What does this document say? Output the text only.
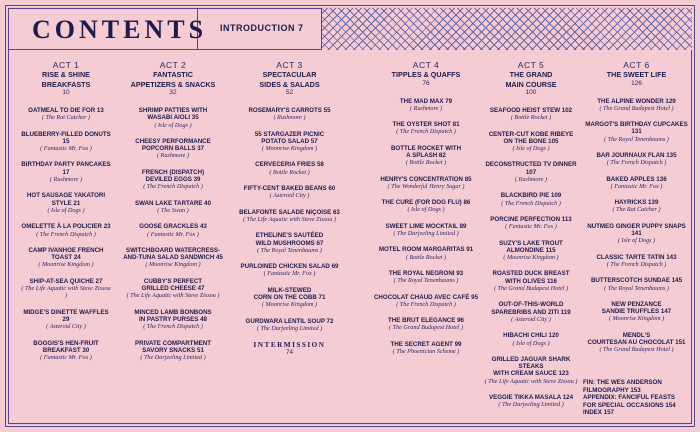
CONTENTS INTRODUCTION 7
ACT 1
RISE & SHINE
BREAKFASTS
10
OATMEAL TO DIE FOR 13
( The Rat Catcher )
BLUEBERRY-FILLED DONUTS 15
( Fantastic Mr. Fox )
BIRTHDAY PARTY PANCAKES 17
( Rushmore )
HOT SAUSAGE YAKATORI STYLE 21
( Isle of Dogs )
OMELETTE À LA POLICIER 23
( The French Dispatch )
CAMP IVANHOE FRENCH TOAST 24
( Moonrise Kingdom )
SHIP-AT-SEA QUICHE 27
( The Life Aquatic with Steve Zissou )
MIDGE'S DINETTE WAFFLES 29
( Asteroid City )
BOGGIS'S HEN-FRUIT BREAKFAST 30
( Fantastic Mr. Fox )
ACT 2
FANTASTIC
APPETIZERS & SNACKS
32
SHRIMP PATTIES WITH
WASABI AIOLI 35
( Isle of Dogs )
CHEESY PERFORMANCE
POPCORN BALLS 37
( Rushmore )
FRENCH (DISPATCH)
DEVILED EGGS 39
( The French Dispatch )
SWAN LAKE TARTARE 40
( The Swan )
GOOSE GRACKLES 43
( Fantastic Mr. Fox )
SWITCHBOARD WATERCRESS-
AND-TUNA SALAD SANDWICH 45
( Moonrise Kingdom )
CUBBY'S PERFECT
GRILLED CHEESE 47
( The Life Aquatic with Steve Zissou )
MINCED LAMB BONBONS
IN PASTRY PURSES 48
( The French Dispatch )
PRIVATE COMPARTMENT
SAVORY SNACKS 51
( The Darjeeling Limited )
ACT 3
SPECTACULAR
SIDES & SALADS
52
ROSEMARY'S CARROTS 55
( Rushmore )
55 STARGAZER PICNIC
POTATO SALAD 57
( Moonrise Kingdom )
CERVECERIA FRIES 58
( Bottle Rocket )
FIFTY-CENT BAKED BEANS 60
( Asteroid City )
BELAFONTE SALADE NIÇOISE 63
( The Life Aquatic with Steve Zissou )
ETHELINE'S SAUTÉED
WILD MUSHROOMS 67
( The Royal Tenenbaums )
PURLOINED CHICKEN SALAD 69
( Fantastic Mr. Fox )
MILK-STEWED
CORN ON THE COBB 71
( Moonrise Kingdom )
GURDWARA LENTIL SOUP 72
( The Darjeeling Limited )
INTERMISSION
74
ACT 4
TIPPLES & QUAFFS
76
THE MAD MAX 79
( Rushmore )
THE OYSTER SHOT 81
( The French Dispatch )
BOTTLE ROCKET WITH
A SPLASH 82
( Bottle Rocket )
HENRY'S CONCENTRATION 85
( The Wonderful Henry Sugar )
THE CURE (FOR DOG FLU) 86
( Isle of Dogs )
SWEET LIME MOCKTAIL 89
( The Darjeeling Limited )
MOTEL ROOM MARGARITAS 91
( Bottle Rocket )
THE ROYAL NEGRONI 93
( The Royal Tenenbaums )
CHOCOLAT CHAUD AVEC CAFÉ 95
( The French Dispatch )
THE BRUT ELEGANCE 96
( The Grand Budapest Hotel )
THE SECRET AGENT 99
( The Phoenician Scheme )
ACT 5
THE GRAND
MAIN COURSE
100
SEAFOOD HEIST STEW 102
( Bottle Rocket )
CENTER-CUT KOBE RIBEYE
ON THE BONE 105
( Isle of Dogs )
DECONSTRUCTED TV DINNER 107
( Rushmore )
BLACKBIRD PIE 109
( The French Dispatch )
PORCINE PERFECTION 113
( Fantastic Mr. Fox )
SUZY'S LAKE TROUT
ALMONDINE 115
( Moonrise Kingdom )
ROASTED DUCK BREAST
WITH OLIVES 116
( The Grand Budapest Hotel )
OUT-OF-THIS-WORLD
SPAREBRIBS AND ZITI 119
( Asteroid City )
HIBACHI CHILI 120
( Isle of Dogs )
GRILLED JAGUAR SHARK STEAKS
WITH CREAM SAUCE 123
( The Life Aquatic with Steve Zissou )
VEGGIE TIKKA MASALA 124
( The Darjeeling Limited )
ACT 6
THE SWEET LIFE
126
THE ALPINE WONDER 129
( The Grand Budapest Hotel )
MARGOT'S BIRTHDAY CUPCAKES 131
( The Royal Tenenbaums )
BAR JOURNAUX FLAN 135
( The French Dispatch )
BAKED APPLES 136
( Fantastic Mr. Fox )
HAYRICKS 139
( The Rat Catcher )
NUTMEG GINGER PUPPY SNAPS 141
( Isle of Dogs )
CLASSIC TARTE TATIN 143
( The French Dispatch )
BUTTERSCOTCH SUNDAE 145
( The Royal Tenenbaums )
NEW PENZANCE
SANDIE TRUFFLES 147
( Moonrise Kingdom )
MENDL'S
COURTESAN AU CHOCOLAT 151
( The Grand Budapest Hotel )
FIN: THE WES ANDERSON
FILMOGRAPHY 153
APPENDIX: FANCIFUL FEASTS
FOR SPECIAL OCCASIONS 154
INDEX 157
